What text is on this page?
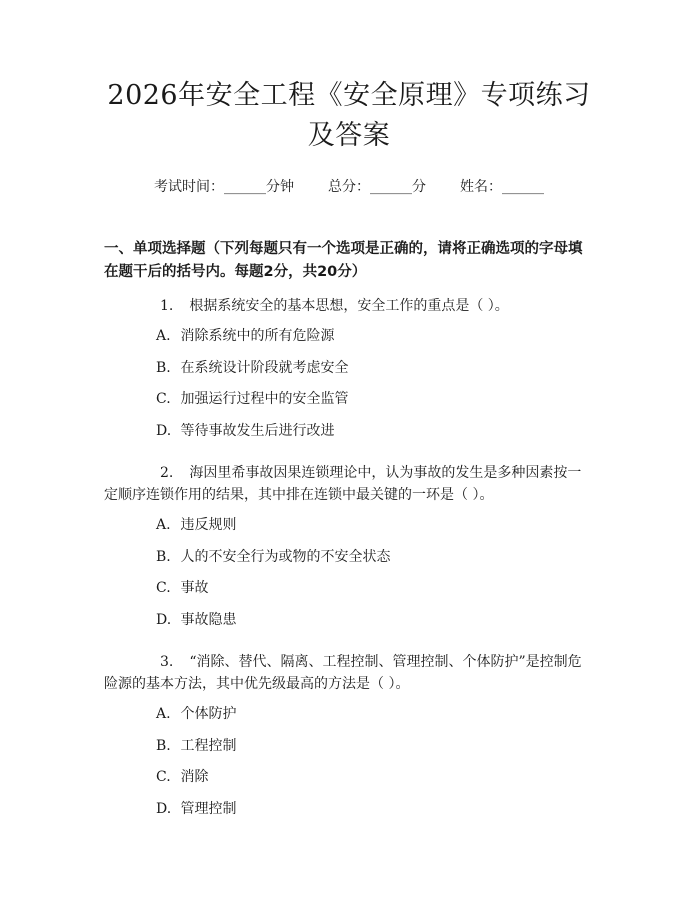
2026年安全工程《安全原理》专项练习及答案
考试时间：______分钟 总分：______分 姓名：______
一、单项选择题（下列每题只有一个选项是正确的，请将正确选项的字母填在题干后的括号内。每题2分，共20分）
1. 根据系统安全的基本思想，安全工作的重点是（ ）。
A. 消除系统中的所有危险源
B. 在系统设计阶段就考虑安全
C. 加强运行过程中的安全监管
D. 等待事故发生后进行改进
2. 海因里希事故因果连锁理论中，认为事故的发生是多种因素按一定顺序连锁作用的结果，其中排在连锁中最关键的一环是（ ）。
A. 违反规则
B. 人的不安全行为或物的不安全状态
C. 事故
D. 事故隐患
3. “消除、替代、隔离、工程控制、管理控制、个体防护”是控制危险源的基本方法，其中优先级最高的方法是（ ）。
A. 个体防护
B. 工程控制
C. 消除
D. 管理控制
